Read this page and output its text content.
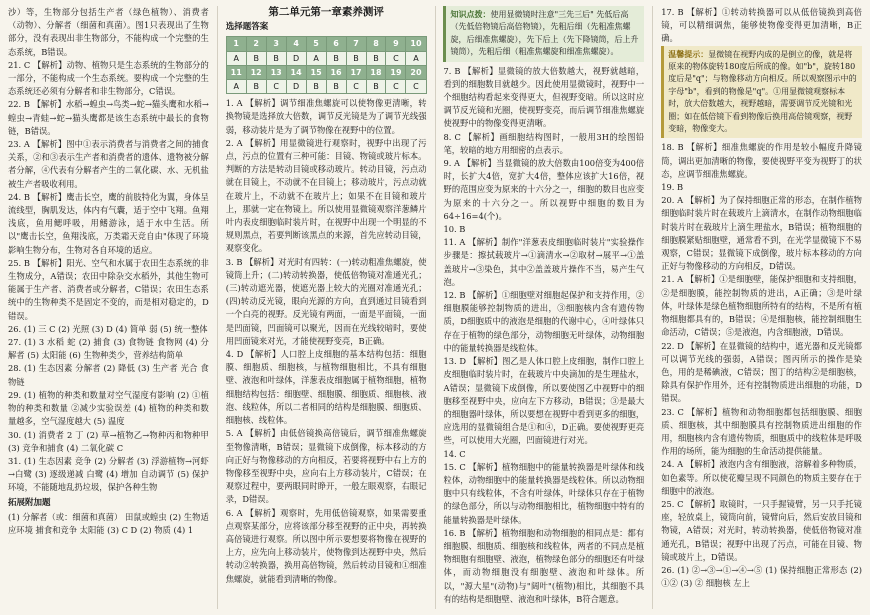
沙）等，生物部分包括生产者（绿色植物）、消费者（动物）、分解者（细菌和真菌）。图1只表现出了生物部分，没有表现出非生物部分，不能构成一个完整的生态系统，B错误。

21. C 【解析】动物、植物只是生态系统的生物部分的一部分，不能构成一个生态系统。要构成一个完整的生态系统还必须有分解者和非生物部分，C错误。

22. B 【解析】水稻→蝗虫→鸟类→蛇→猫头鹰和水稻→蝗虫→青蛙→蛇→猫头鹰都是该生态系统中最长的食物链，B错误。

23. A 【解析】图中①表示消费者与消费者之间的捕食关系，②和③表示生产者和消费者的遗体、遗物被分解者分解，④代表有分解者产生的二氧化碳、水、无机盐被生产者吸收利用。

24. B 【解析】鹰击长空，鹰的前肢特化为翼，身体呈流线型，胸肌发达，体内有气囊，适于空中飞翔。鱼翔浅底，鱼用鳃呼吸，用鳍游泳，适于水中生活。所以"鹰击长空，鱼翔浅底，万类霜天竞自由"体现了环境影响生物分布，生物对各自环境的适应。

25. B 【解析】阳光、空气和水属于农田生态系统的非生物成分，A错误；农田中除杂交水稻外，其他生物可能属于生产者、消费者或分解者，C错误；农田生态系统中的生物种类不是固定不变的，而是相对稳定的，D错误。

26. (1) 三 C (2) 光照 (3) D (4) 简单 弱 (5) 统一整体

27. (1) 3 水稻 蛇 (2) 捕食 (3) 食物链 食物网 (4) 分解者 (5) 太阳能 (6) 生物种类少，营养结构简单

28. (1) 生态因素 分解者 (2) 降低 (3) 生产者 光合 食物链

29. (1) 植物的种类和数量对空气湿度有影响 (2) ①植物的种类和数量 ②减少实验误差 (4) 植物的种类和数量越多，空气湿度越大 (5) 温度

30. (1) 消费者 2 丁 (2) 草→植物乙→物种丙和物种甲 (3) 竞争和捕食 (4) 二氧化碳 C

31. (1) 生态因素 竞争 (2) 分解者 (3) 浮游植物→河虾→白鹭 (3) 逐级递减 白鹭 (4) 增加 自动调节 (5) 保护环境，不能随地乱扔垃圾，保护各种生物

拓展附加题

(1) 分解者（或：细菌和真菌） 田鼠或蝗虫 (2) 生物适应环境 捕食和竞争 太阳能 (3) C D (2) 物质 (4) 1

第二单元第一章素养测评
选择题答案
1	2	3	4	5	6	7	8	9	10
A	B	B	D	A	B	B	B	C	A
11	12	13	14	15	16	17	18	19	20
A	B	C	D	B	B	C	B	C	C

1. A 【解析】调节细准焦螺旋可以使物像更清晰，转换物镜是选择放大倍数，调节反光镜是为了调节光线强弱，移动装片是为了调节物像在视野中的位置。

2. A 【解析】用显微镜进行观察时，视野中出现了污点，污点的位置有三种可能：目镜、物镜或玻片标本。判断的方法是转动目镜或移动玻片。转动目镜，污点动就在目镜上，不动就不在目镜上；移动玻片，污点动就在玻片上，不动就不在玻片上；如果不在目镜和玻片上，那就一定在物镜上。所以使用显微镜观察洋葱鳞片叶内表皮细胞临时装片时，在视野中出现一个明显的不规则黑点，若要判断该黑点的来源，首先应转动目镜，观察变化。

3. B 【解析】对光时有四转：(一)转动粗准焦螺旋，使镜筒上升；(二)转动转换器，使低倍物镜对准通光孔；(三)转动遮光器，使遮光器上较大的光圈对准通光孔；(四)转动反光镜，眼向光源的方向，直到通过目镜看到一个白亮的视野。反光镜有两面，一面是平面镜，一面是凹面镜，凹面镜可以聚光，因而在光线较暗时，要使用凹面镜来对光，才能使视野变亮，B正确。

4. D 【解析】人口腔上皮细胞的基本结构包括：细胞膜、细胞质、细胞核，与植物细胞相比，不具有细胞壁、液泡和叶绿体，洋葱表皮细胞属于植物细胞，植物细胞结构包括：细胞壁、细胞膜、细胞质、细胞核、液泡、线粒体，所以二者相同的结构是细胞膜、细胞质、细胞核、线粒体。

5. A 【解析】由低倍镜换高倍镜后，调节细准焦螺旋至物像清晰，B错误；显微镜下成倒像，标本移动的方向正好与物像移动的方向相反，若要将视野中右上方的物像移至视野中央，应向右上方移动装片，C错误；在观察过程中，要两眼同时睁开，一般左眼观察，右眼记录，D错误。

6. A 【解析】观察时，先用低倍镜观察，如果需要重点观察某部分，应将该部分移至视野的正中央，再转换高倍镜进行观察。所以图中所示要想要将物像在视野的上方，应先向上移动装片，使物像到达视野中央，然后转动②转换器，换用高倍物镜，然后转动目镜和①细准焦螺旋，就能看到清晰的物像。

知识点拨：使用显微镜时注意"三先三后" 先低后高（先低倍物镜后高倍物镜），先粗后细（先粗准焦螺旋，后细准焦螺旋），先下后上（先下降镜筒，后上升镜筒），先粗后细（粗准焦螺旋和细准焦螺旋）。

7. B 【解析】显微镜的放大倍数越大，视野就越暗，看到的细胞数目就越少。因此使用显微镜时，视野中一个细胞结构看起来变得更大，但视野变暗。所以这时应调节反光镜和光圈，使视野变亮，而后调节细准焦螺旋使视野中的物像变得更清晰。

8. C 【解析】画细胞结构图时，一般用3H的绘图铅笔，较暗的地方用细密的点表示。

9. A 【解析】当显微镜的放大倍数由100倍变为400倍时，长扩大4倍，宽扩大4倍，整体应该扩大16倍，视野的范围应变为原来的十六分之一，细胞的数目也应变为原来的十六分之一。所以视野中细胞的数目为 64÷16=4(个)。

10. B

11. A 【解析】制作"洋葱表皮细胞临时装片"实验操作步骤是：擦拭载玻片→①滴清水→②取材→展平→①盖盖玻片→③染色，其中②盖盖玻片操作不当，易产生气泡。

12. B 【解析】①细胞壁对细胞起保护和支持作用，②细胞膜能够控制物质的进出，③细胞核内含有遗传物质，D细胞质中的液泡是细胞的代谢中心，④叶绿体只存在于植物的绿色部分，动物细胞无叶绿体，动物细胞中的能量转换器是线粒体。

13. D 【解析】图乙是人体口腔上皮细胞，制作口腔上皮细胞临时装片时，在载玻片中央滴加的是生理盐水，A错误；显微镜下成倒像，所以要使图乙中视野中的细胞移至视野中央，应向左下方移动，B错误；③是最大的细胞器叶绿体，所以要想在视野中看到更多的细胞，应选用的显微镜组合是①和④，D正确。要使视野更亮些，可以使用大光圈，凹面镜进行对光。

14. C

15. C 【解析】植物细胞中的能量转换器是叶绿体和线粒体，动物细胞中的能量转换器是线粒体。所以动物细胞中只有线粒体，不含有叶绿体，叶绿体只存在于植物的绿色部分，所以与动物细胞相比，植物细胞中特有的能量转换器是叶绿体。

16. B 【解析】植物细胞和动物细胞的相同点是：都有细胞膜、细胞质、细胞核和线粒体，两者的不同点是植物细胞有细胞壁、液泡，植物绿色部分的细胞还有叶绿体，而动物细胞没有细胞壁、液泡和叶绿体。所以，"源大星"(动物)与"阔叶"(植物)相比，其细胞不具有的结构是细胞壁、液泡和叶绿体，B符合题意。

17. B 【解析】①转动转换器可以从低倍镜换到高倍镜，可以精细调焦，能够使物像变得更加清晰，B正确。

温馨提示：显微镜在视野内成的是倒立的像，就是将原来的物体旋转180度后所成的像。如"b"，旋转180度后是"q"；与物像移动方向相反。所以观察图示中的字母"b"，看到的物像是"q"。①用显微镜观察标本时，放大倍数越大，视野越暗，需要调节反光镜和光圈；如在低倍镜下看到物像后换用高倍镜观察，视野变暗，物像变大。

18. B 【解析】细准焦螺旋的作用是较小幅度升降镜筒，调出更加清晰的物像，要使视野平变为视野丁的状态，应调节细准焦螺旋。

19. B

20. A 【解析】为了保持细胞正常的形态，在制作植物细胞临时装片时在载玻片上滴清水，在制作动物细胞临时装片时在载玻片上滴生理盐水，B错误；植物细胞的细胞膜紧贴细胞壁，通常看不到，在光学显微镜下不易观察，C错误；显微镜下成倒像，玻片标本移动的方向正好与物像移动的方向相反，D错误。

21. A 【解析】①是细胞壁，能保护细胞和支持细胞，②是细胞膜，能控制物质的进出，A正确；③是叶绿体，叶绿体是绿色植物细胞所特有的结构，不是所有植物细胞都具有的，B错误；④是细胞核，能控制细胞生命活动，C错误；⑤是液泡，内含细胞液，D错误。

22. D 【解析】在显微镜的结构中，遮光器和反光镜都可以调节光线的强弱，A错误；图丙所示的操作是染色，用的是稀碘液，C错误；图丁的结构②是细胞核，除具有保护作用外，还有控制物质进出细胞的功能，D错误。

23. C 【解析】植物和动物细胞都包括细胞膜、细胞质、细胞核，其中细胞膜具有控制物质进出细胞的作用，细胞核内含有遗传物质，细胞质中的线粒体是呼吸作用的场所，能为细胞的生命活动提供能量。

24. A 【解析】液泡内含有细胞液，溶解着多种物质，如色素等。所以使花瓣呈现不同颜色的物质主要存在于细胞中的液泡。

25. C 【解析】取镜时，一只手握镜臂，另一只手托镜座，轻放桌上，镜筒向前，镜臂向后，然后安放目镜和物镜，A错误；对光时，转动转换器，使低倍物镜对准通光孔，B错误；视野中出现了污点，可能在目镜、物镜或玻片上，D错误。

26. (1) ②→③→①→④→⑤ (1) 保持细胞正常形态 (2) ①② (3) ② 细胞核 左上
